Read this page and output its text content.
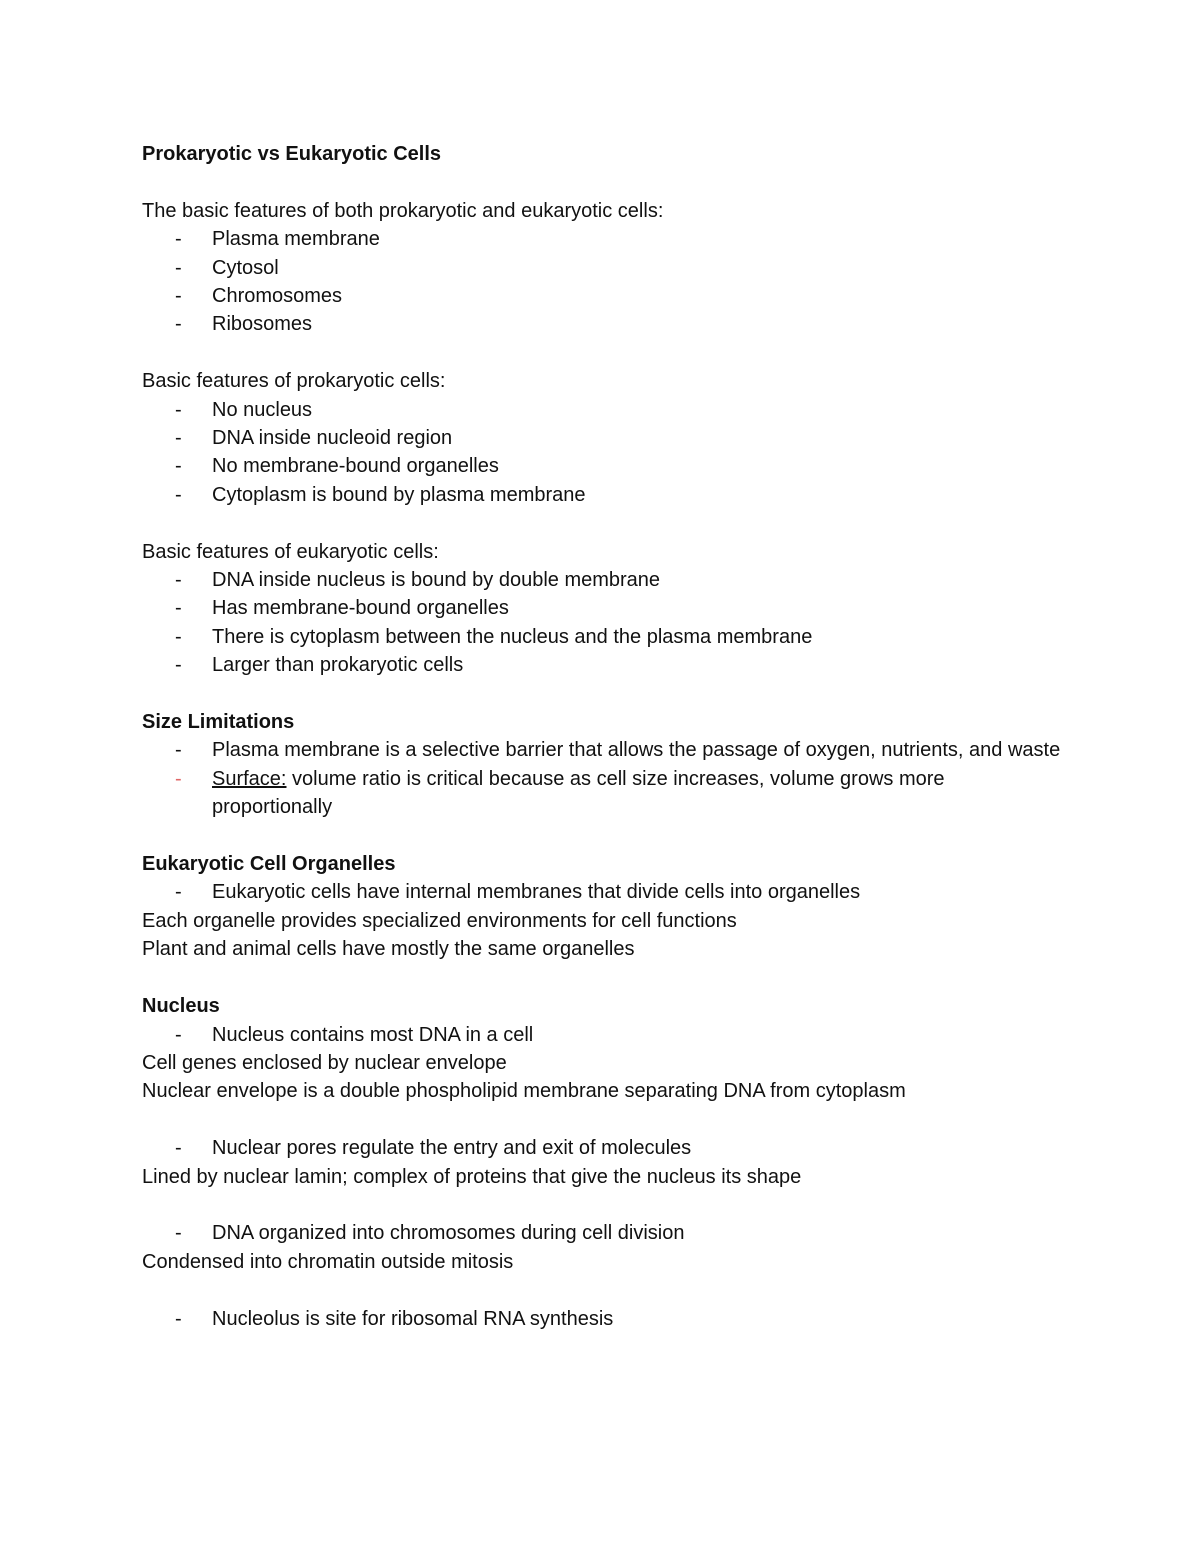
Prokaryotic vs Eukaryotic Cells

The basic features of both prokaryotic and eukaryotic cells:

- Plasma membrane
- Cytosol
- Chromosomes
- Ribosomes

Basic features of prokaryotic cells:

- No nucleus
- DNA inside nucleoid region
- No membrane-bound organelles
- Cytoplasm is bound by plasma membrane

Basic features of eukaryotic cells:

- DNA inside nucleus is bound by double membrane
- Has membrane-bound organelles
- There is cytoplasm between the nucleus and the plasma membrane
- Larger than prokaryotic cells

Size Limitations

- Plasma membrane is a selective barrier that allows the passage of oxygen, nutrients, and waste
- Surface: volume ratio is critical because as cell size increases, volume grows more proportionally

Eukaryotic Cell Organelles

- Eukaryotic cells have internal membranes that divide cells into organelles

Each organelle provides specialized environments for cell functions

Plant and animal cells have mostly the same organelles

Nucleus

- Nucleus contains most DNA in a cell

Cell genes enclosed by nuclear envelope

Nuclear envelope is a double phospholipid membrane separating DNA from cytoplasm

- Nuclear pores regulate the entry and exit of molecules

Lined by nuclear lamin; complex of proteins that give the nucleus its shape

- DNA organized into chromosomes during cell division

Condensed into chromatin outside mitosis

- Nucleolus is site for ribosomal RNA synthesis
